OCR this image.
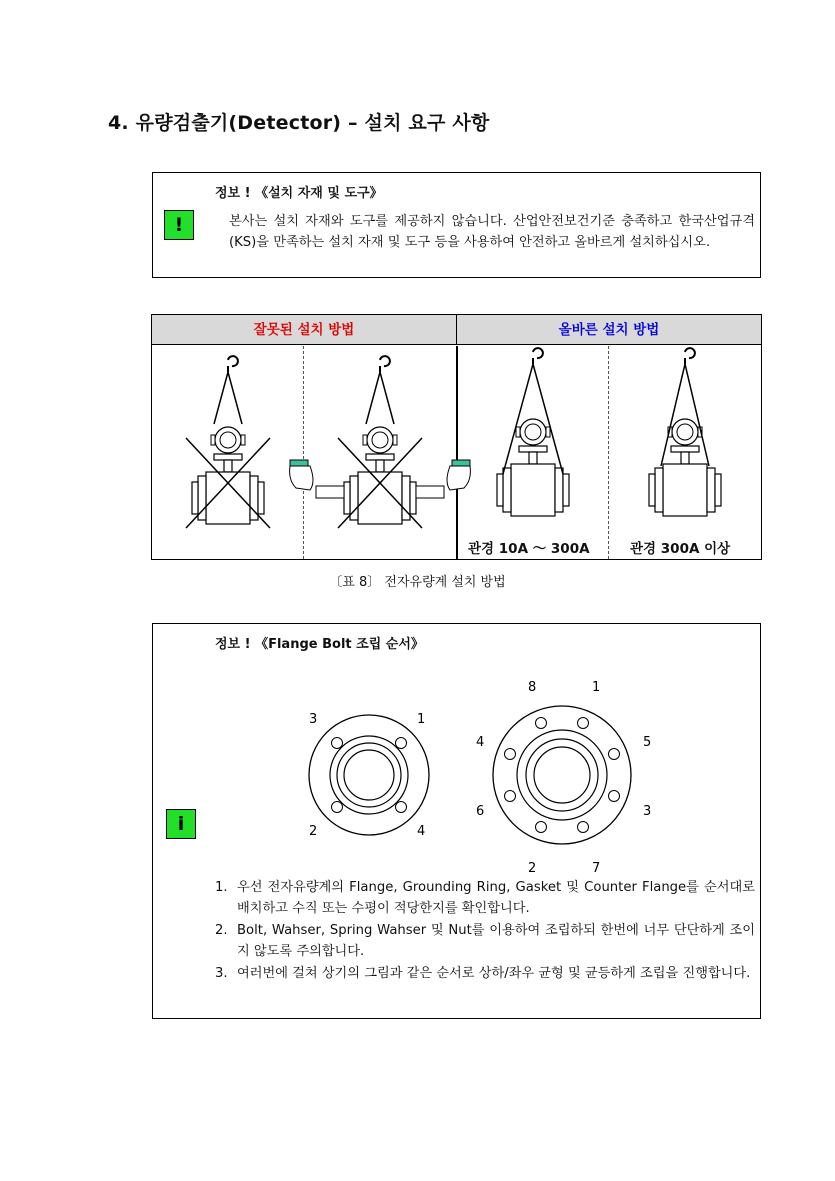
4. 유량검출기(Detector) – 설치 요구 사항
정보 ! 《설치 자재 및 도구》
!	본사는 설치 자재와 도구를 제공하지 않습니다. 산업안전보건기준 충족하고 한국산업규격(KS)을 만족하는 설치 자재 및 도구 등을 사용하여 안전하고 올바르게 설치하십시오.
잘못된 설치 방법	올바른 설치 방법
관경 10A ～ 300A	관경 300A 이상
〔표 8〕 전자유량계 설치 방법
정보 ! 《Flange Bolt 조립 순서》
i
3	1
2	4
8	1
4	5
6	3
2	7
1. 우선 전자유량계의 Flange, Grounding Ring, Gasket 및 Counter Flange를 순서대로 배치하고 수직 또는 수평이 적당한지를 확인합니다.
2. Bolt, Wahser, Spring Wahser 및 Nut를 이용하여 조립하되 한번에 너무 단단하게 조이지 않도록 주의합니다.
3. 여러번에 걸쳐 상기의 그림과 같은 순서로 상하/좌우 균형 및 균등하게 조립을 진행합니다.
